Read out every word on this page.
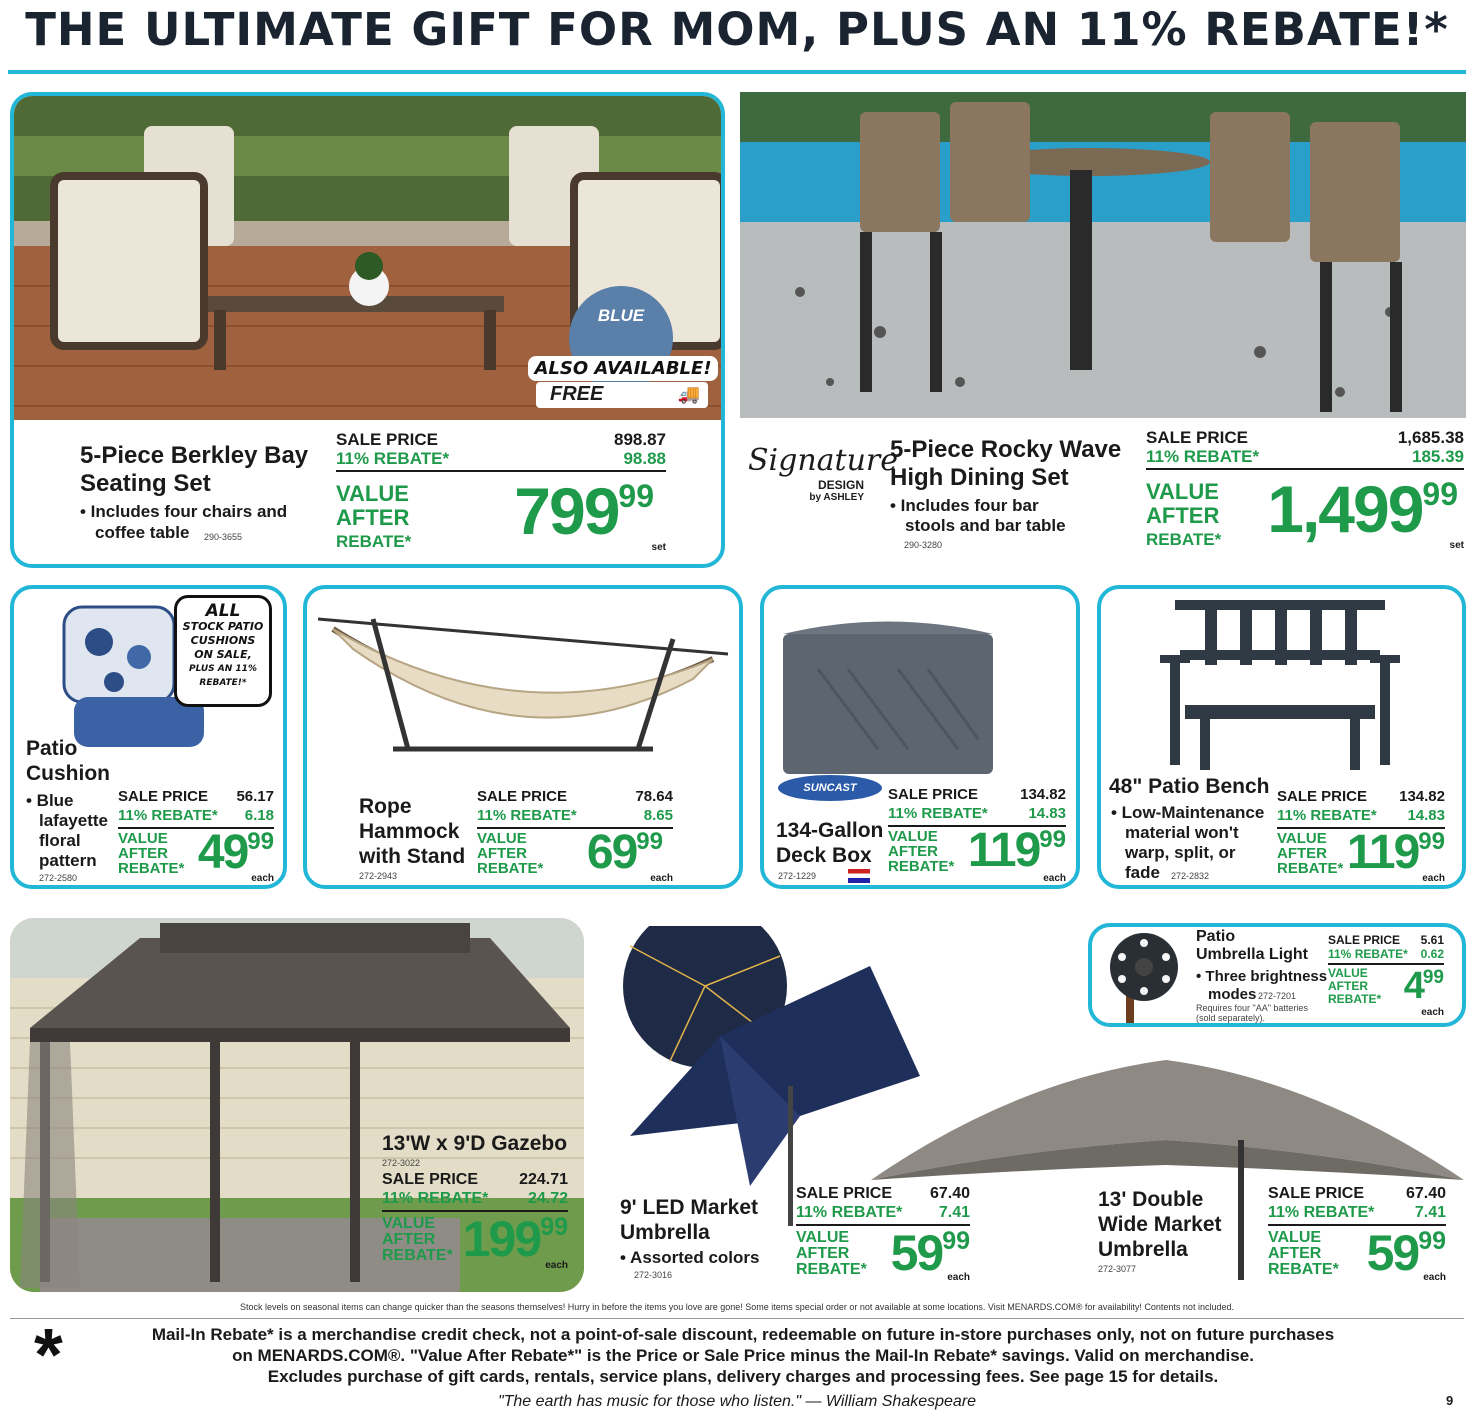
THE ULTIMATE GIFT FOR MOM, PLUS AN 11% REBATE!*
BLUE
ALSO AVAILABLE!
FREE	🚚
5-Piece Berkley Bay
Seating Set
• Includes four chairs and
coffee table 290-3655
SALE PRICE	898.87
11% REBATE*	98.88
VALUE
AFTER
REBATE* $799^{99}$
set
Signature
DESIGN
by ASHLEY
5-Piece Rocky Wave
High Dining Set
• Includes four bar
stools and bar table
290-3280
SALE PRICE	1,685.38
11% REBATE*	185.39
VALUE
AFTER
REBATE* 1,499$^{99}$
set
ALL
STOCK PATIO
CUSHIONS
ON SALE,
PLUS AN 11%
REBATE!*
Patio
Cushion
• Blue
lafayette
floral
pattern
272-2580
SALE PRICE 56.17
11% REBATE* 6.18
VALUE
AFTER
REBATE* $49^{99}$
each
Rope
Hammock
with Stand
272-2943
SALE PRICE	78.64
11% REBATE*	8.65
VALUE
AFTER
REBATE* $69^{99}$
each
SUNCAST
134-Gallon
Deck Box
272-1229
SALE PRICE	134.82
11% REBATE*	14.83
VALUE
AFTER
REBATE* $119^{99}$
each
48" Patio Bench
• Low-Maintenance
material won't
warp, split, or
fade 272-2832
SALE PRICE 134.82
11% REBATE* 14.83
VALUE
AFTER
REBATE* $119^{99}$
each
13'W x 9'D Gazebo
272-3022
SALE PRICE	224.71
11% REBATE* 24.72
VALUE
AFTER
REBATE* $199^{99}$
each
9' LED Market
Umbrella
• Assorted colors
272-3016
SALE PRICE 67.40
11% REBATE* 7.41
VALUE
AFTER
REBATE* $59^{99}$
each
Patio
Umbrella Light
• Three brightness
modes 272-7201
Requires four "AA" batteries
(sold separately).
SALE PRICE 5.61
11% REBATE* 0.62
VALUE
AFTER
REBATE* $4^{99}$
each
13' Double
Wide Market
Umbrella
272-3077
SALE PRICE	67.40
11% REBATE*	7.41
VALUE
AFTER
REBATE* $59^{99}$
each
Stock levels on seasonal items can change quicker than the seasons themselves! Hurry in before the items you love are gone! Some items special order or not available at some locations. Visit MENARDS.COM® for availability! Contents not included.
*	Mail-In Rebate* is a merchandise credit check, not a point-of-sale discount, redeemable on future in-store purchases only, not on future purchases
on MENARDS.COM®. "Value After Rebate*" is the Price or Sale Price minus the Mail-In Rebate* savings. Valid on merchandise.
Excludes purchase of gift cards, rentals, service plans, delivery charges and processing fees. See page 15 for details.
"The earth has music for those who listen." — William Shakespeare	9
